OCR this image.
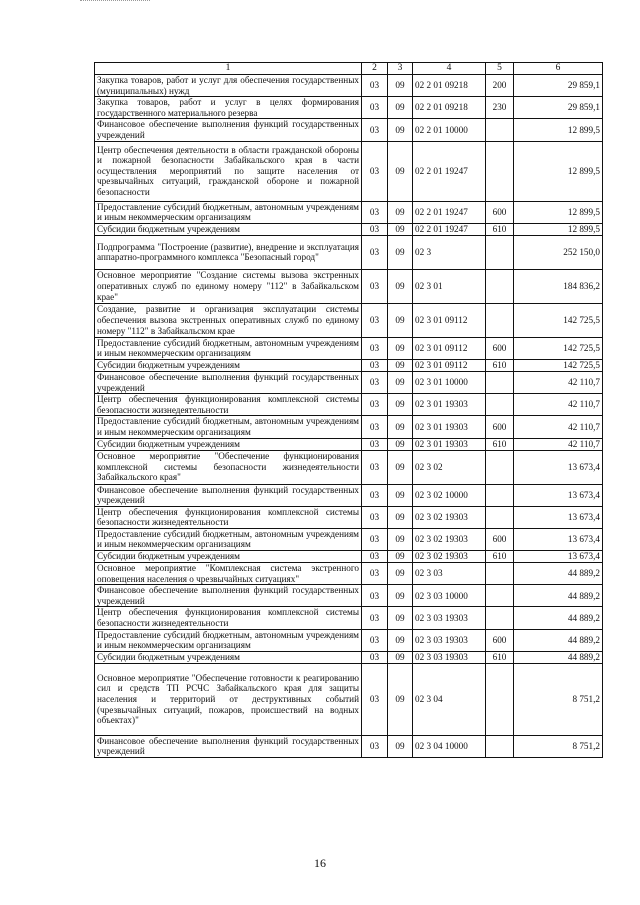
1	2	3	4	5	6
Закупка товаров, работ и услуг для обеспечения государственных (муниципальных) нужд	03	09	02 2 01 09218	200	29 859,1
Закупка товаров, работ и услуг в целях формирования государственного материального резерва	03	09	02 2 01 09218	230	29 859,1
Финансовое обеспечение выполнения функций государственных учреждений	03	09	02 2 01 10000		12 899,5
Центр обеспечения деятельности в области гражданской обороны и пожарной безопасности Забайкальского края в части осуществления мероприятий по защите населения от чрезвычайных ситуаций, гражданской обороне и пожарной безопасности	03	09	02 2 01 19247		12 899,5
Предоставление субсидий бюджетным, автономным учреждениям и иным некоммерческим организациям	03	09	02 2 01 19247	600	12 899,5
Субсидии бюджетным учреждениям	03	09	02 2 01 19247	610	12 899,5
Подпрограмма "Построение (развитие), внедрение и эксплуатация аппаратно-программного комплекса "Безопасный город"	03	09	02 3		252 150,0
Основное мероприятие "Создание системы вызова экстренных оперативных служб по единому номеру "112" в Забайкальском крае"	03	09	02 3 01		184 836,2
Создание, развитие и организация эксплуатации системы обеспечения вызова экстренных оперативных служб по единому номеру "112" в Забайкальском крае	03	09	02 3 01 09112		142 725,5
Предоставление субсидий бюджетным, автономным учреждениям и иным некоммерческим организациям	03	09	02 3 01 09112	600	142 725,5
Субсидии бюджетным учреждениям	03	09	02 3 01 09112	610	142 725,5
Финансовое обеспечение выполнения функций государственных учреждений	03	09	02 3 01 10000		42 110,7
Центр обеспечения функционирования комплексной системы безопасности жизнедеятельности	03	09	02 3 01 19303		42 110,7
Предоставление субсидий бюджетным, автономным учреждениям и иным некоммерческим организациям	03	09	02 3 01 19303	600	42 110,7
Субсидии бюджетным учреждениям	03	09	02 3 01 19303	610	42 110,7
Основное мероприятие "Обеспечение функционирования комплексной системы безопасности жизнедеятельности Забайкальского края"	03	09	02 3 02		13 673,4
Финансовое обеспечение выполнения функций государственных учреждений	03	09	02 3 02 10000		13 673,4
Центр обеспечения функционирования комплексной системы безопасности жизнедеятельности	03	09	02 3 02 19303		13 673,4
Предоставление субсидий бюджетным, автономным учреждениям и иным некоммерческим организациям	03	09	02 3 02 19303	600	13 673,4
Субсидии бюджетным учреждениям	03	09	02 3 02 19303	610	13 673,4
Основное мероприятие "Комплексная система экстренного оповещения населения о чрезвычайных ситуациях"	03	09	02 3 03		44 889,2
Финансовое обеспечение выполнения функций государственных учреждений	03	09	02 3 03 10000		44 889,2
Центр обеспечения функционирования комплексной системы безопасности жизнедеятельности	03	09	02 3 03 19303		44 889,2
Предоставление субсидий бюджетным, автономным учреждениям и иным некоммерческим организациям	03	09	02 3 03 19303	600	44 889,2
Субсидии бюджетным учреждениям	03	09	02 3 03 19303	610	44 889,2
Основное мероприятие "Обеспечение готовности к реагированию сил и средств ТП РСЧС Забайкальского края для защиты населения и территорий от деструктивных событий (чрезвычайных ситуаций, пожаров, происшествий на водных объектах)"	03	09	02 3 04		8 751,2
Финансовое обеспечение выполнения функций государственных учреждений	03	09	02 3 04 10000		8 751,2
16
